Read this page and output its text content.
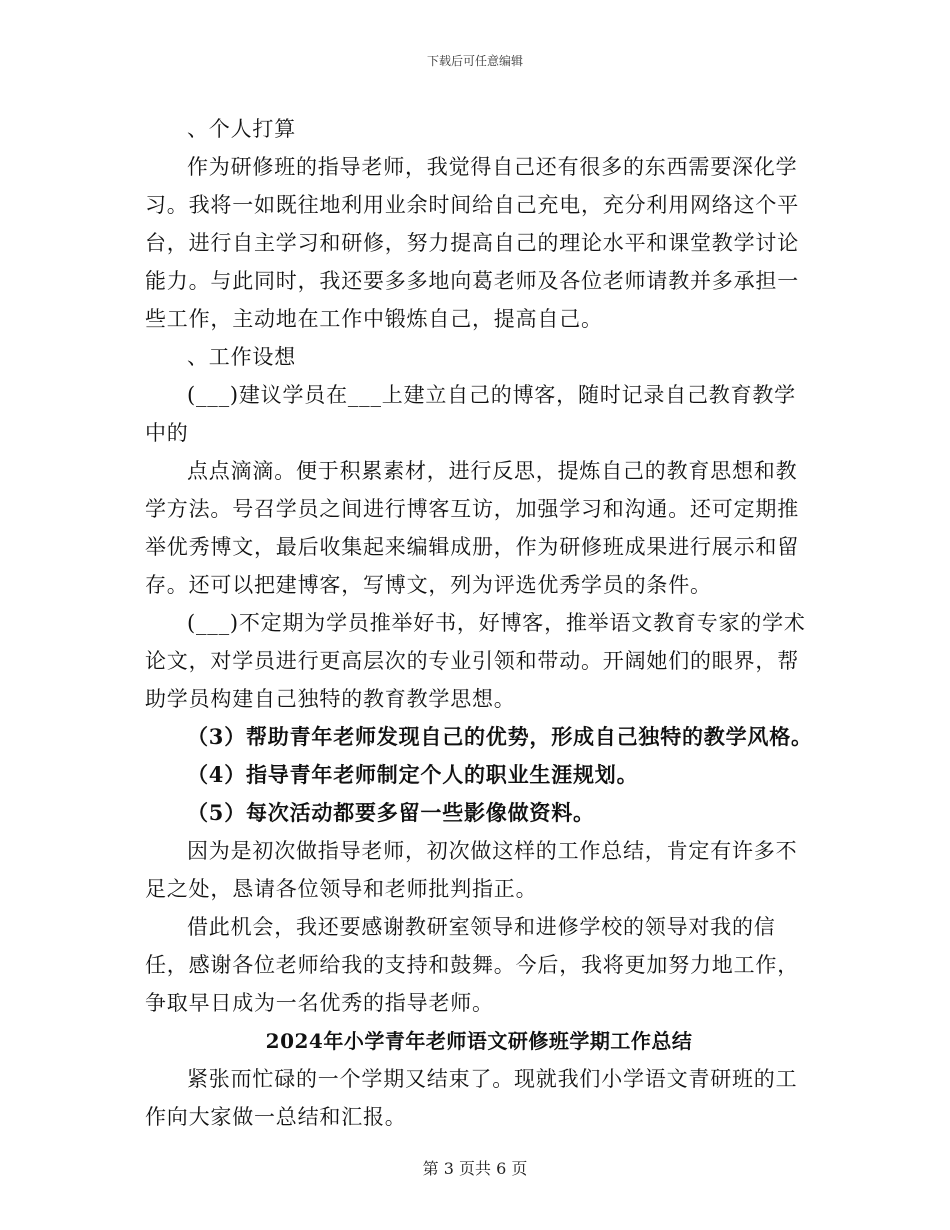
下载后可任意编辑

、个人打算

作为研修班的指导老师，我觉得自己还有很多的东西需要深化学习。我将一如既往地利用业余时间给自己充电，充分利用网络这个平台，进行自主学习和研修，努力提高自己的理论水平和课堂教学讨论能力。与此同时，我还要多多地向葛老师及各位老师请教并多承担一些工作，主动地在工作中锻炼自己，提高自己。

、工作设想

(___)建议学员在___上建立自己的博客，随时记录自己教育教学中的

点点滴滴。便于积累素材，进行反思，提炼自己的教育思想和教学方法。号召学员之间进行博客互访，加强学习和沟通。还可定期推举优秀博文，最后收集起来编辑成册，作为研修班成果进行展示和留存。还可以把建博客，写博文，列为评选优秀学员的条件。

(___)不定期为学员推举好书，好博客，推举语文教育专家的学术论文，对学员进行更高层次的专业引领和带动。开阔她们的眼界，帮助学员构建自己独特的教育教学思想。

（3）帮助青年老师发现自己的优势，形成自己独特的教学风格。

（4）指导青年老师制定个人的职业生涯规划。

（5）每次活动都要多留一些影像做资料。

因为是初次做指导老师，初次做这样的工作总结，肯定有许多不足之处，恳请各位领导和老师批判指正。

借此机会，我还要感谢教研室领导和进修学校的领导对我的信任，感谢各位老师给我的支持和鼓舞。今后，我将更加努力地工作，争取早日成为一名优秀的指导老师。

2024年小学青年老师语文研修班学期工作总结

紧张而忙碌的一个学期又结束了。现就我们小学语文青研班的工作向大家做一总结和汇报。

第 3 页共 6 页
